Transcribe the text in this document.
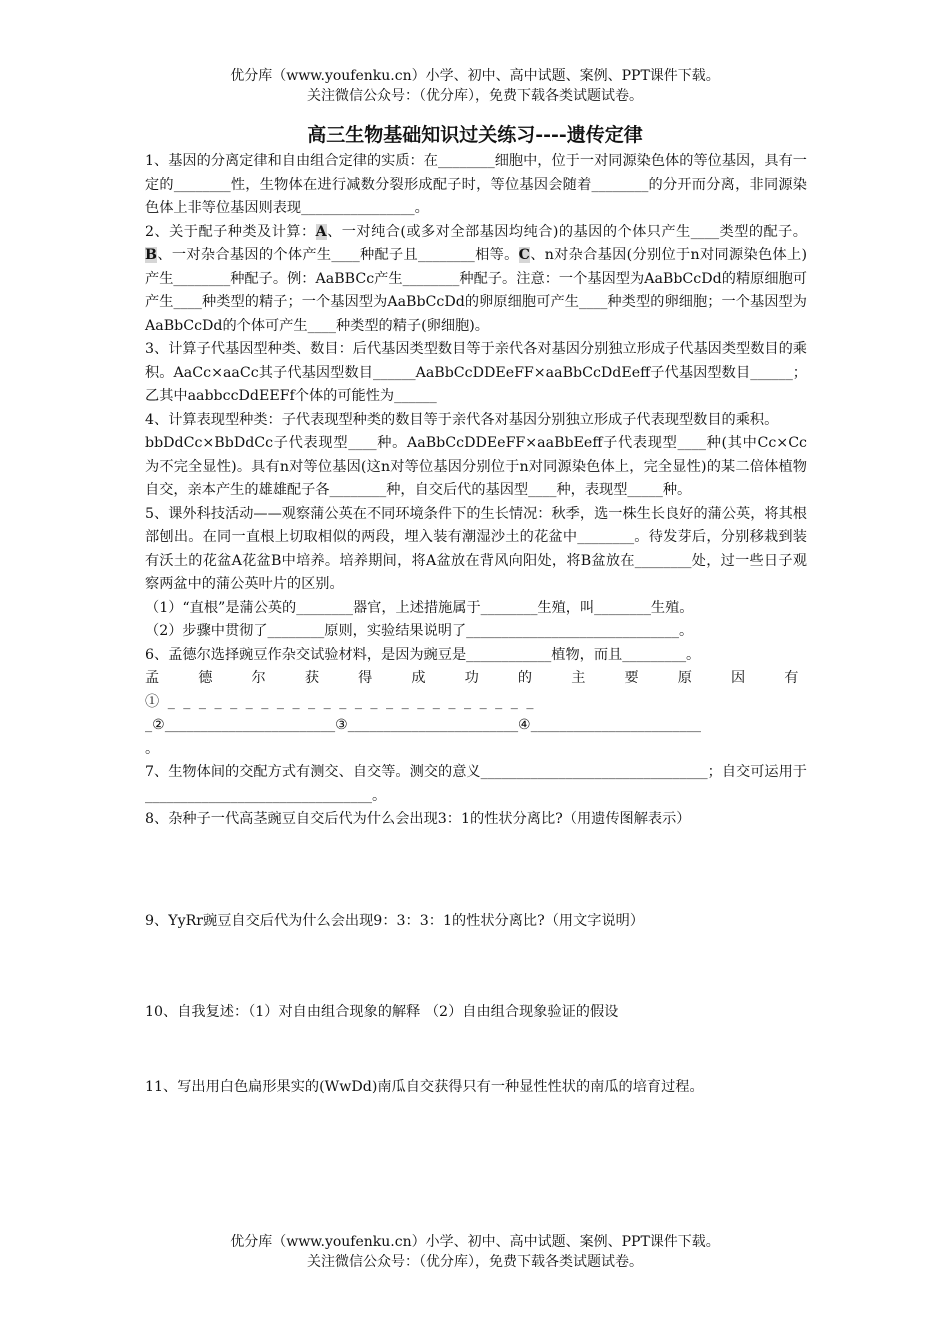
优分库（www.youfenku.cn）小学、初中、高中试题、案例、PPT课件下载。
关注微信公众号：（优分库），免费下载各类试题试卷。
高三生物基础知识过关练习----遗传定律

1、基因的分离定律和自由组合定律的实质：在________细胞中，位于一对同源染色体的等位基因，具有一定的________性，生物体在进行减数分裂形成配子时，等位基因会随着________的分开而分离，非同源染色体上非等位基因则表现________________。

2、关于配子种类及计算：A、一对纯合(或多对全部基因均纯合)的基因的个体只产生____类型的配子。B、一对杂合基因的个体产生____种配子且________相等。C、n对杂合基因(分别位于n对同源染色体上)产生________种配子。例：AaBBCc产生________种配子。注意：一个基因型为AaBbCcDd的精原细胞可产生____种类型的精子；一个基因型为AaBbCcDd的卵原细胞可产生____种类型的卵细胞；一个基因型为AaBbCcDd的个体可产生____种类型的精子(卵细胞)。

3、计算子代基因型种类、数目：后代基因类型数目等于亲代各对基因分别独立形成子代基因类型数目的乘积。AaCc×aaCc其子代基因型数目______AaBbCcDDEeFF×aaBbCcDdEeff子代基因型数目______；乙其中aabbccDdEEFf个体的可能性为______

4、计算表现型种类：子代表现型种类的数目等于亲代各对基因分别独立形成子代表现型数目的乘积。

bbDdCc×BbDdCc子代表现型____种。AaBbCcDDEeFF×aaBbEeff子代表现型____种(其中Cc×Cc为不完全显性)。具有n对等位基因(这n对等位基因分别位于n对同源染色体上，完全显性)的某二倍体植物自交，亲本产生的雄雄配子各________种，自交后代的基因型____种，表现型_____种。

5、课外科技活动——观察蒲公英在不同环境条件下的生长情况：秋季，选一株生长良好的蒲公英，将其根部刨出。在同一直根上切取相似的两段，埋入装有潮湿沙土的花盆中________。待发芽后，分别移栽到装有沃土的花盆A花盆B中培养。培养期间，将A盆放在背风向阳处，将B盆放在________处，过一些日子观察两盆中的蒲公英叶片的区别。

（1）“直根”是蒲公英的________器官，上述措施属于________生殖，叫________生殖。

（2）步骤中贯彻了________原则，实验结果说明了______________________________。

6、孟德尔选择豌豆作杂交试验材料，是因为豌豆是____________植物，而且_________。

孟德尔获得成功的主要原因有①________________________

_②________________________③________________________④________________________

。

7、生物体间的交配方式有测交、自交等。测交的意义________________________________；自交可运用于________________________________。

8、杂种子一代高茎豌豆自交后代为什么会出现3：1的性状分离比?（用遗传图解表示）

9、YyRr豌豆自交后代为什么会出现9：3：3：1的性状分离比?（用文字说明）

10、自我复述：（1）对自由组合现象的解释 （2）自由组合现象验证的假设

11、写出用白色扁形果实的(WwDd)南瓜自交获得只有一种显性性状的南瓜的培育过程。

优分库（www.youfenku.cn）小学、初中、高中试题、案例、PPT课件下载。
关注微信公众号：（优分库），免费下载各类试题试卷。
